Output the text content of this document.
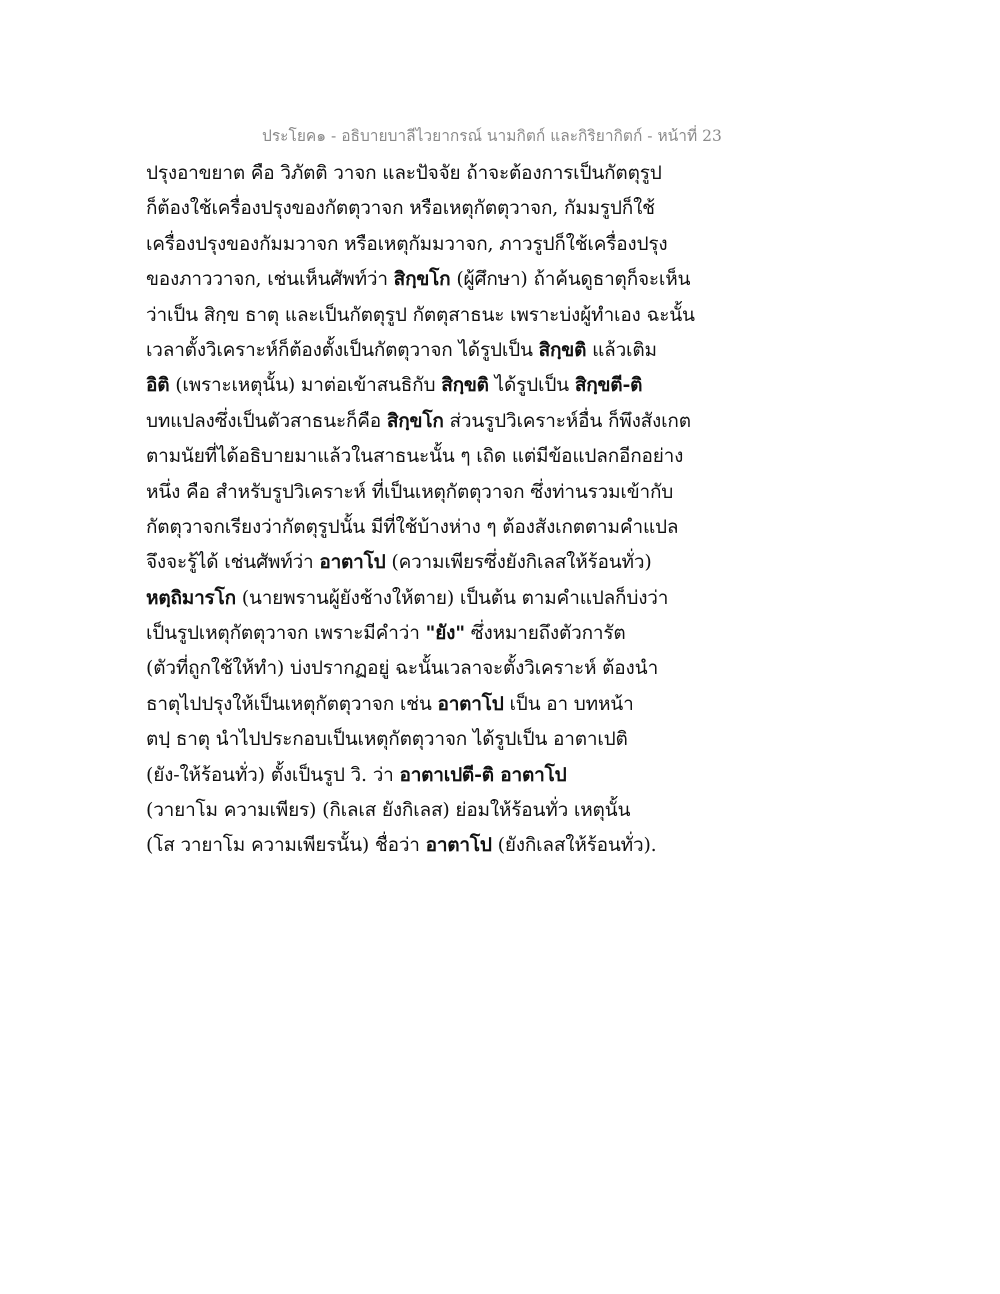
ประโยค๑ - อธิบายบาลีไวยากรณ์ นามกิตก์ และกิริยากิตก์ - หน้าที่ 23
ปรุงอาขยาต คือ วิภัตติ วาจก และปัจจัย ถ้าจะต้องการเป็นกัตตุรูป
ก็ต้องใช้เครื่องปรุงของกัตตุวาจก หรือเหตุกัตตุวาจก, กัมมรูปก็ใช้
เครื่องปรุงของกัมมวาจก หรือเหตุกัมมวาจก, ภาวรูปก็ใช้เครื่องปรุง
ของภาววาจก, เช่นเห็นศัพท์ว่า สิกฺขโก (ผู้ศึกษา) ถ้าค้นดูธาตุก็จะเห็น
ว่าเป็น สิกฺข ธาตุ และเป็นกัตตุรูป กัตตุสาธนะ เพราะบ่งผู้ทำเอง ฉะนั้น
เวลาตั้งวิเคราะห์ก็ต้องตั้งเป็นกัตตุวาจก ได้รูปเป็น สิกฺขติ แล้วเติม
อิติ (เพราะเหตุนั้น) มาต่อเข้าสนธิกับ สิกฺขติ ได้รูปเป็น สิกฺขตี-ติ
บทแปลงซึ่งเป็นตัวสาธนะก็คือ สิกฺขโก ส่วนรูปวิเคราะห์อื่น ก็พึงสังเกต
ตามนัยที่ได้อธิบายมาแล้วในสาธนะนั้น ๆ เถิด แต่มีข้อแปลกอีกอย่าง
หนึ่ง คือ สำหรับรูปวิเคราะห์ ที่เป็นเหตุกัตตุวาจก ซึ่งท่านรวมเข้ากับ
กัตตุวาจกเรียงว่ากัตตุรูปนั้น มีที่ใช้บ้างห่าง ๆ ต้องสังเกตตามคำแปล
จึงจะรู้ได้ เช่นศัพท์ว่า อาตาโป (ความเพียรซึ่งยังกิเลสให้ร้อนทั่ว)
หตฺถิมารโก (นายพรานผู้ยังช้างให้ตาย) เป็นต้น ตามคำแปลก็บ่งว่า
เป็นรูปเหตุกัตตุวาจก เพราะมีคำว่า "ยัง" ซึ่งหมายถึงตัวการัต
(ตัวที่ถูกใช้ให้ทำ) บ่งปรากฏอยู่ ฉะนั้นเวลาจะตั้งวิเคราะห์ ต้องนำ
ธาตุไปปรุงให้เป็นเหตุกัตตุวาจก เช่น อาตาโป เป็น อา บทหน้า
ตปฺ ธาตุ นำไปประกอบเป็นเหตุกัตตุวาจก ได้รูปเป็น อาตาเปติ
(ยัง-ให้ร้อนทั่ว) ตั้งเป็นรูป วิ. ว่า อาตาเปตี-ติ อาตาโป
(วายาโม ความเพียร) (กิเลเส ยังกิเลส) ย่อมให้ร้อนทั่ว เหตุนั้น
(โส วายาโม ความเพียรนั้น) ชื่อว่า อาตาโป (ยังกิเลสให้ร้อนทั่ว).
